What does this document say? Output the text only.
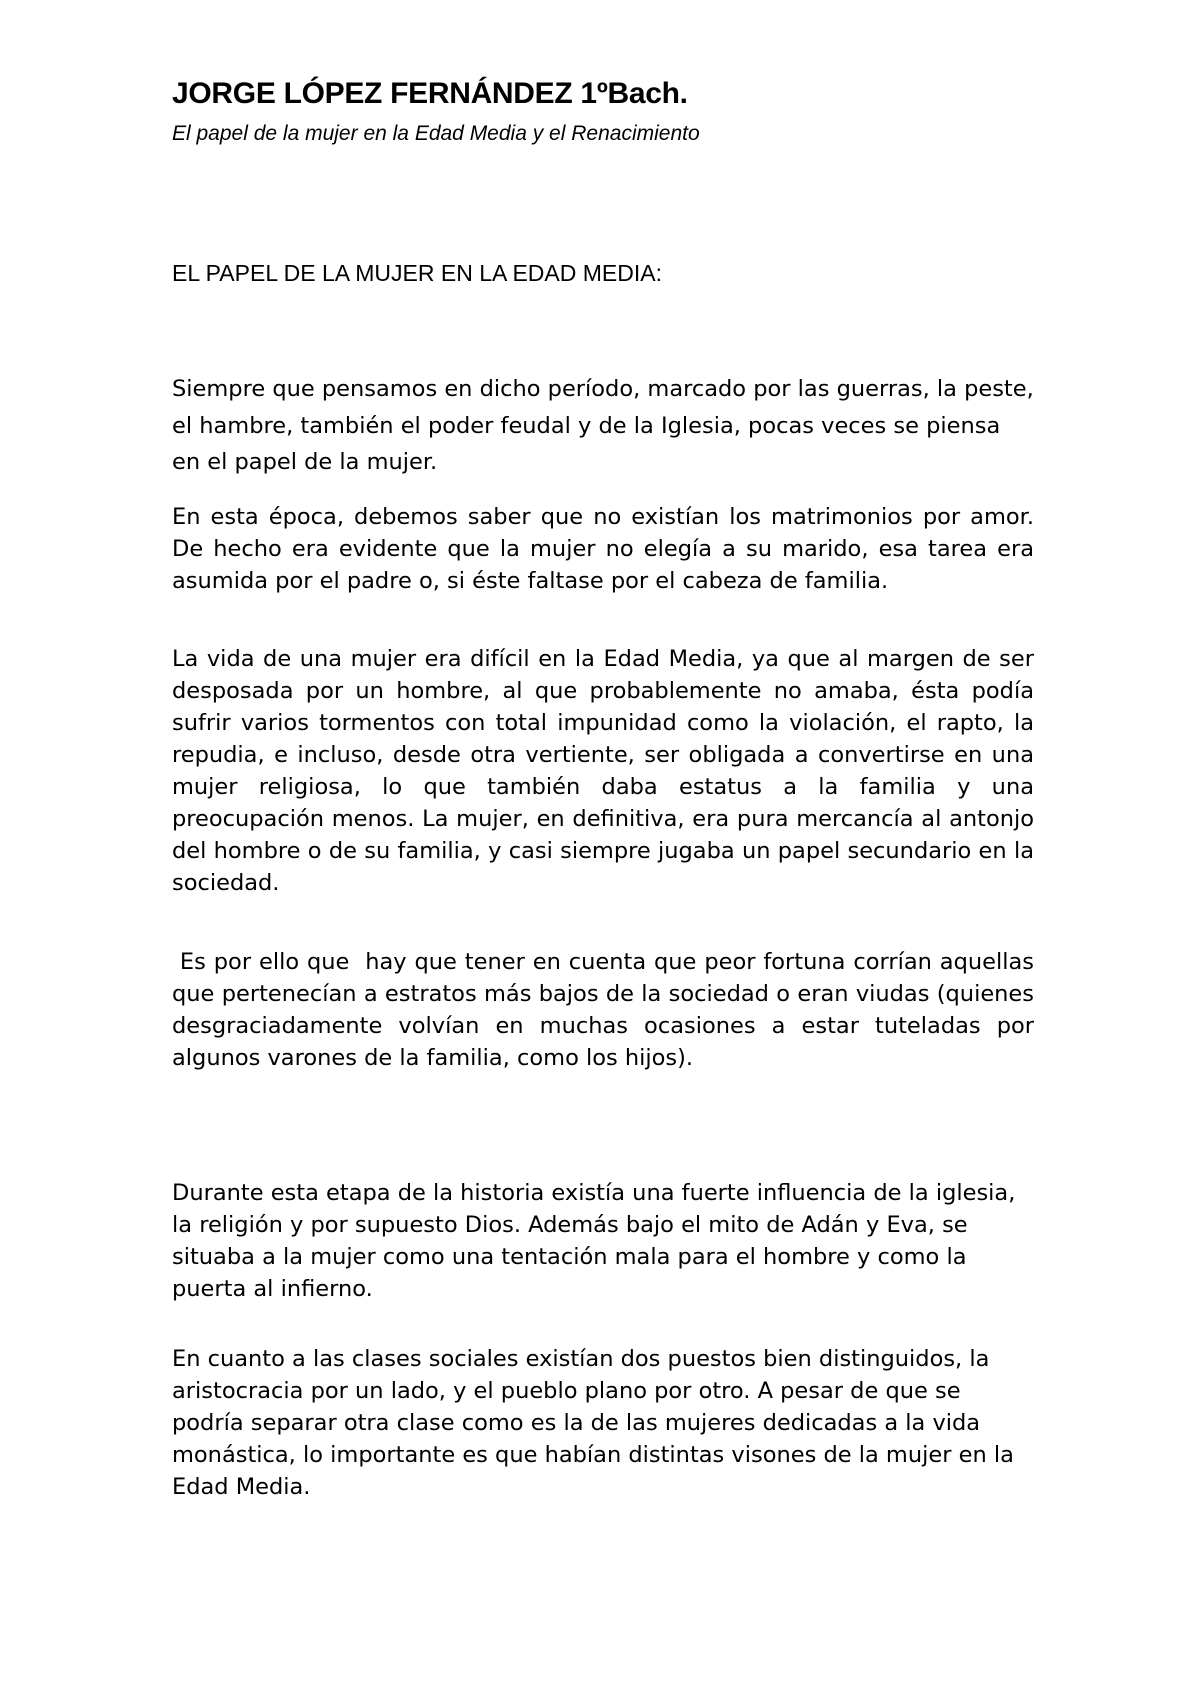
JORGE LÓPEZ FERNÁNDEZ 1ºBach.
El papel de la mujer en la Edad Media y el Renacimiento
EL PAPEL DE LA MUJER EN LA EDAD MEDIA:

Siempre que pensamos en dicho período, marcado por las guerras, la peste, el hambre, también el poder feudal y de la Iglesia, pocas veces se piensa en el papel de la mujer.

En esta época, debemos saber que no existían los matrimonios por amor. De hecho era evidente que la mujer no elegía a su marido, esa tarea era asumida por el padre o, si éste faltase por el cabeza de familia.

La vida de una mujer era difícil en la Edad Media, ya que al margen de ser desposada por un hombre, al que probablemente no amaba, ésta podía sufrir varios tormentos con total impunidad como la violación, el rapto, la repudia, e incluso, desde otra vertiente, ser obligada a convertirse en una mujer religiosa, lo que también daba estatus a la familia y una preocupación menos. La mujer, en definitiva, era pura mercancía al antonjo del hombre o de su familia, y casi siempre jugaba un papel secundario en la sociedad.

Es por ello que  hay que tener en cuenta que peor fortuna corrían aquellas que pertenecían a estratos más bajos de la sociedad o eran viudas (quienes desgraciadamente volvían en muchas ocasiones a estar tuteladas por algunos varones de la familia, como los hijos).

Durante esta etapa de la historia existía una fuerte influencia de la iglesia, la religión y por supuesto Dios. Además bajo el mito de Adán y Eva, se situaba a la mujer como una tentación mala para el hombre y como la puerta al infierno.

En cuanto a las clases sociales existían dos puestos bien distinguidos, la aristocracia por un lado, y el pueblo plano por otro. A pesar de que se podría separar otra clase como es la de las mujeres dedicadas a la vida monástica, lo importante es que habían distintas visones de la mujer en la Edad Media.
